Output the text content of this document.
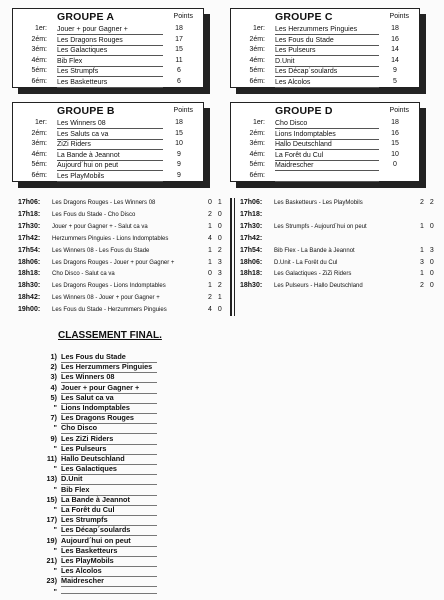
GROUPE A	Points
1er: Jouer + pour Gagner +	18
2ém: Les Dragons Rouges	17
3ém: Les Galactiques	15
4ém: Bib Flex	11
5ém: Les Strumpfs	6
6ém: Les Basketteurs	6
GROUPE C	Points
1er: Les Herzummers Pinguies	18
2ém: Les Fous du Stade	16
3ém: Les Pulseurs	14
4ém: D.Unit	14
5ém: Les Décap´soulards	9
6ém: Les Alcolos	5
GROUPE B	Points
1er: Les Winners 08	18
2ém: Les Saluts ca va	15
3ém: ZiZi Riders	10
4ém: La Bande à Jeannot	9
5ém: Aujourd´hui on peut	9
6ém: Les PlayMobils	9
GROUPE D	Points
1er: Cho Disco	18
2ém: Lions Indomptables	16
3ém: Hallo Deutschland	15
4ém: La Forêt du Cul	10
5ém: Maidrescher	0
6ém:
17h06: Les Dragons Rouges - Les Winners 08	0 1
17h18: Les Fous du Stade - Cho Disco	2 0
17h30: Jouer + pour Gagner + - Salut ca va	1 0
17h42: Herzummers Pinguies - Lions Indomptables	4 0
17h54: Les Winners 08 - Les Fous du Stade	1 2
18h06: Les Dragons Rouges - Jouer + pour Gagner +	1 3
18h18: Cho Disco - Salut ca va	0 3
18h30: Les Dragons Rouges - Lions Indomptables	1 2
18h42: Les Winners 08 - Jouer + pour Gagner +	2 1
19h00: Les Fous du Stade - Herzummers Pinguies	4 0
17h06: Les Basketteurs - Les PlayMobils	2 2
17h18:
17h30: Les Strumpfs - Aujourd´hui on peut	1 0
17h42:
17h54: Bib Flex - La Bande à Jeannot	1 3
18h06: D.Unit - La Forêt du Cul	3 0
18h18: Les Galactiques - ZiZi Riders	1 0
18h30: Les Pulseurs - Hallo Deutschland	2 0
CLASSEMENT FINAL.
1) Les Fous du Stade
2) Les Herzummers Pinguies
3) Les Winners 08
4) Jouer + pour Gagner +
5) Les Salut ca va
" Lions Indomptables
7) Les Dragons Rouges
" Cho Disco
9) Les ZiZi Riders
" Les Pulseurs
11) Hallo Deutschland
" Les Galactiques
13) D.Unit
" Bib Flex
15) La Bande à Jeannot
" La Forêt du Cul
17) Les Strumpfs
" Les Décap´soulards
19) Aujourd´hui on peut
" Les Basketteurs
21) Les PlayMobils
" Les Alcolos
23) Maidrescher
"
